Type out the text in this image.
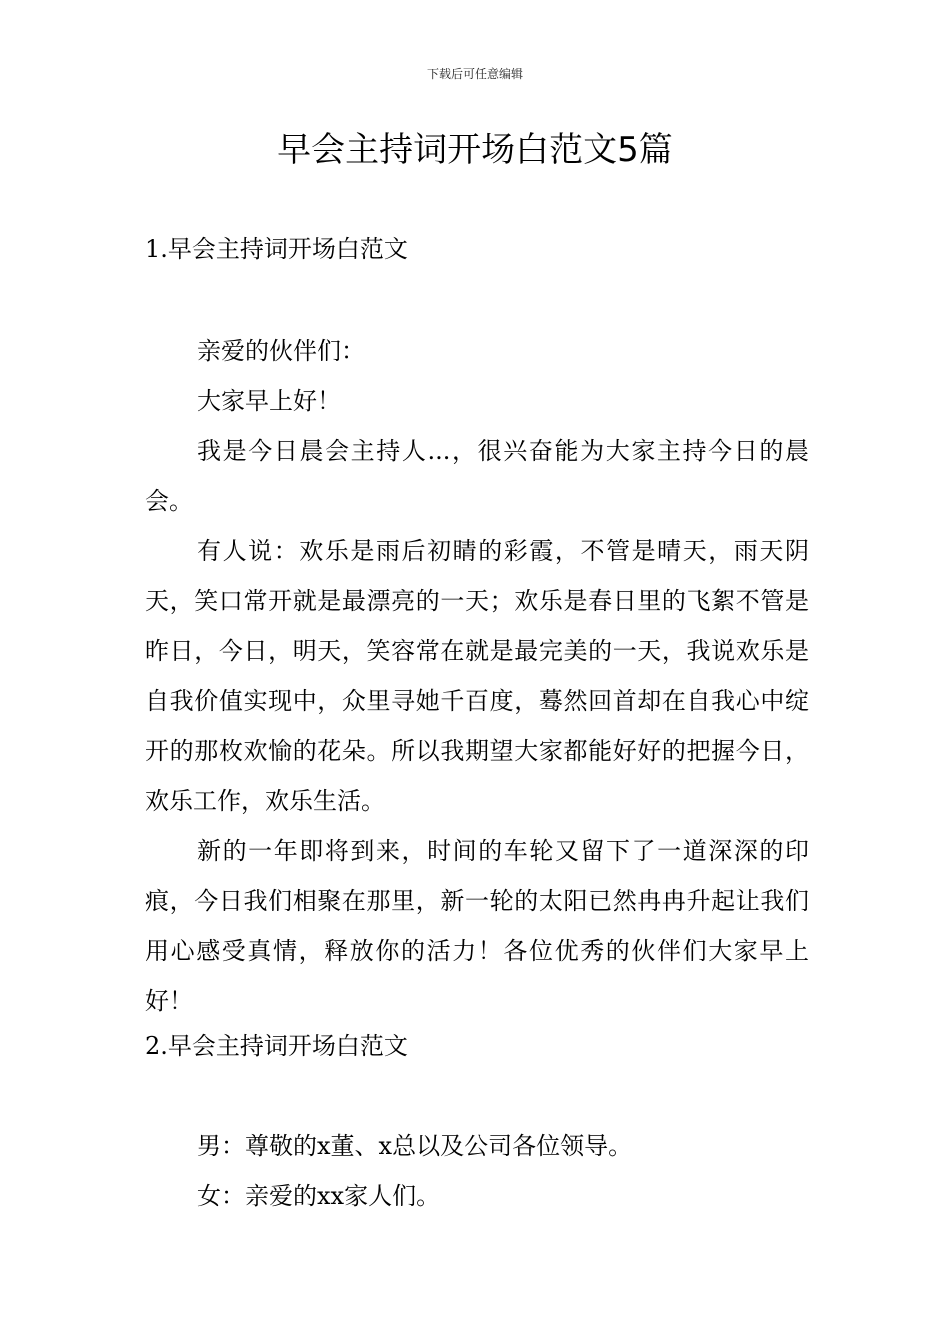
下载后可任意编辑
早会主持词开场白范文5篇
1.早会主持词开场白范文

亲爱的伙伴们：

大家早上好！

我是今日晨会主持人...，很兴奋能为大家主持今日的晨会。

有人说：欢乐是雨后初睛的彩霞，不管是晴天，雨天阴天，笑口常开就是最漂亮的一天；欢乐是春日里的飞絮不管是昨日，今日，明天，笑容常在就是最完美的一天，我说欢乐是自我价值实现中，众里寻她千百度，蓦然回首却在自我心中绽开的那枚欢愉的花朵。所以我期望大家都能好好的把握今日，欢乐工作，欢乐生活。

新的一年即将到来，时间的车轮又留下了一道深深的印痕，今日我们相聚在那里，新一轮的太阳已然冉冉升起让我们用心感受真情，释放你的活力！各位优秀的伙伴们大家早上好！

2.早会主持词开场白范文

男：尊敬的x董、x总以及公司各位领导。

女：亲爱的xx家人们。
